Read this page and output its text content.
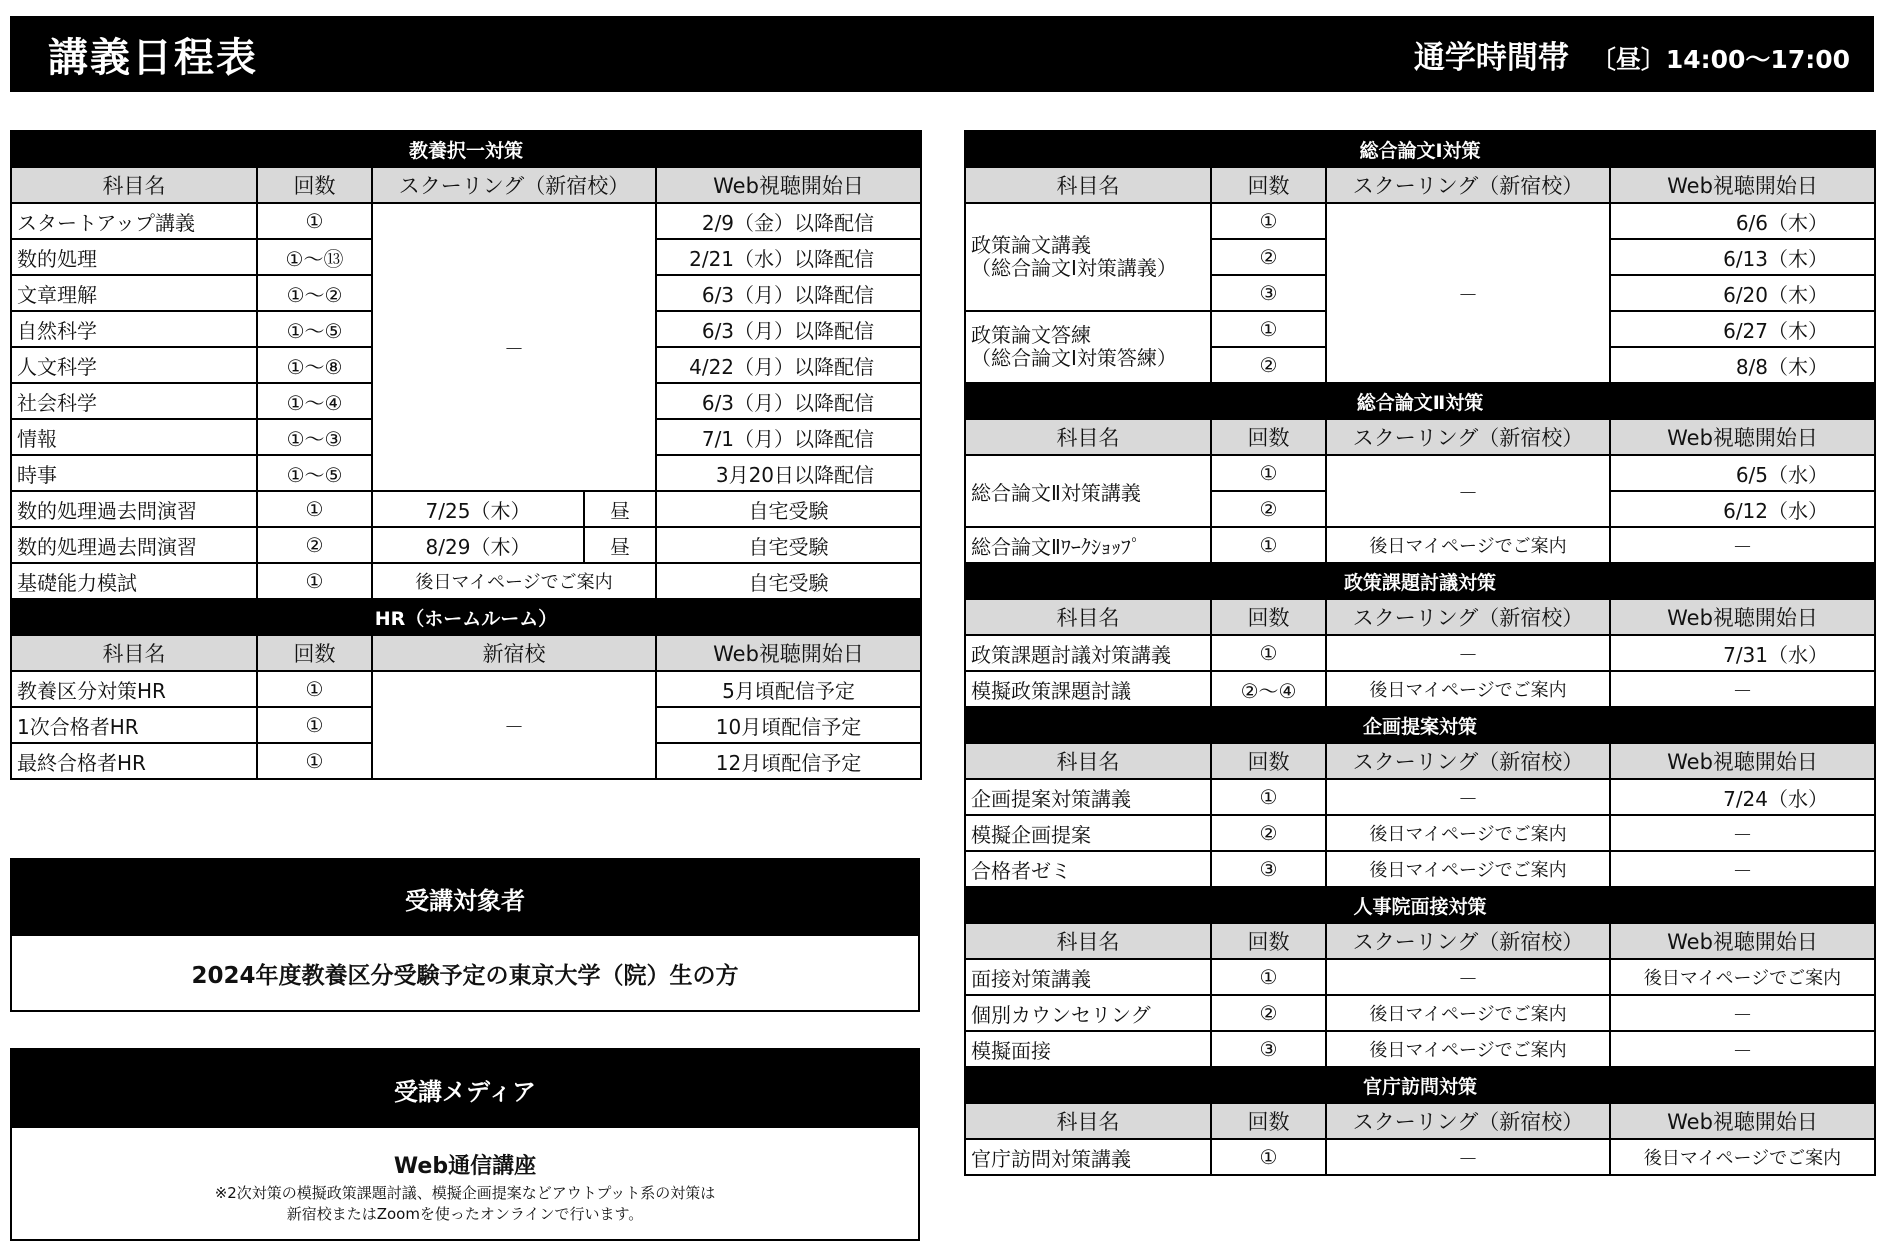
講義日程表	通学時間帯 〔昼〕14:00～17:00
教養択一対策				
科目名	回数	スクーリング（新宿校）		Web視聴開始日
スタートアップ講義	①	－		2/9（金）以降配信
数的処理	①～⑬			2/21（水）以降配信
文章理解	①～②			6/3（月）以降配信
自然科学	①～⑤			6/3（月）以降配信
人文科学	①～⑧			4/22（月）以降配信
社会科学	①～④			6/3（月）以降配信
情報	①～③			7/1（月）以降配信
時事	①～⑤			3月20日以降配信
数的処理過去問演習	①	7/25（木）	昼	自宅受験
数的処理過去問演習	②	8/29（木）	昼	自宅受験
基礎能力模試	①	後日マイページでご案内		自宅受験
HR（ホームルーム）				
科目名	回数	新宿校		Web視聴開始日
教養区分対策HR	①	－		5月頃配信予定
1次合格者HR	①			10月頃配信予定
最終合格者HR	①			12月頃配信予定
受講対象者
2024年度教養区分受験予定の東京大学（院）生の方
受講メディア
Web通信講座
※2次対策の模擬政策課題討議、模擬企画提案などアウトプット系の対策は
新宿校またはZoomを使ったオンラインで行います。
総合論文Ⅰ対策			
科目名	回数	スクーリング（新宿校）	Web視聴開始日
政策論文講義
（総合論文Ⅰ対策講義）	①	－	6/6（木）
	②		6/13（木）
	③		6/20（木）
政策論文答練
（総合論文Ⅰ対策答練）	①		6/27（木）
	②		8/8（木）
総合論文Ⅱ対策			
科目名	回数	スクーリング（新宿校）	Web視聴開始日
総合論文Ⅱ対策講義	①	－	6/5（水）
	②		6/12（水）
総合論文Ⅱﾜｰｸｼｮｯﾌﾟ	①	後日マイページでご案内	－
政策課題討議対策			
科目名	回数	スクーリング（新宿校）	Web視聴開始日
政策課題討議対策講義	①	－	7/31（水）
模擬政策課題討議	②～④	後日マイページでご案内	－
企画提案対策			
科目名	回数	スクーリング（新宿校）	Web視聴開始日
企画提案対策講義	①	－	7/24（水）
模擬企画提案	②	後日マイページでご案内	－
合格者ゼミ	③	後日マイページでご案内	－
人事院面接対策			
科目名	回数	スクーリング（新宿校）	Web視聴開始日
面接対策講義	①	－	後日マイページでご案内
個別カウンセリング	②	後日マイページでご案内	－
模擬面接	③	後日マイページでご案内	－
官庁訪問対策			
科目名	回数	スクーリング（新宿校）	Web視聴開始日
官庁訪問対策講義	①	－	後日マイページでご案内
